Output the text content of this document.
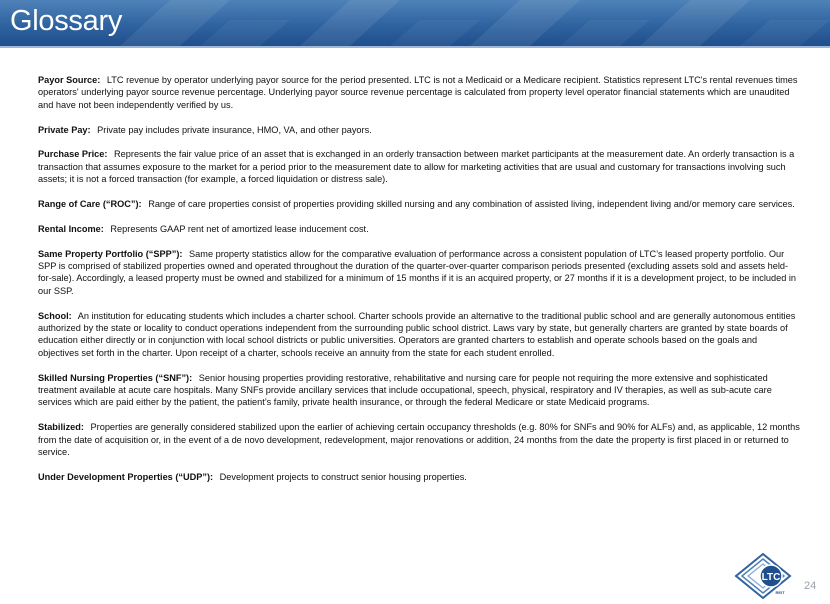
Glossary

Payor Source: LTC revenue by operator underlying payor source for the period presented. LTC is not a Medicaid or a Medicare recipient. Statistics represent LTC's rental revenues times operators' underlying payor source revenue percentage. Underlying payor source revenue percentage is calculated from property level operator financial statements which are unaudited and have not been independently verified by us.

Private Pay: Private pay includes private insurance, HMO, VA, and other payors.

Purchase Price: Represents the fair value price of an asset that is exchanged in an orderly transaction between market participants at the measurement date. An orderly transaction is a transaction that assumes exposure to the market for a period prior to the measurement date to allow for marketing activities that are usual and customary for transactions involving such assets; it is not a forced transaction (for example, a forced liquidation or distress sale).

Range of Care (“ROC”): Range of care properties consist of properties providing skilled nursing and any combination of assisted living, independent living and/or memory care services.

Rental Income: Represents GAAP rent net of amortized lease inducement cost.

Same Property Portfolio (“SPP”): Same property statistics allow for the comparative evaluation of performance across a consistent population of LTC’s leased property portfolio. Our SPP is comprised of stabilized properties owned and operated throughout the duration of the quarter-over-quarter comparison periods presented (excluding assets sold and assets held-for-sale). Accordingly, a leased property must be owned and stabilized for a minimum of 15 months if it is an acquired property, or 27 months if it is a development project, to be included in our SSP.

School: An institution for educating students which includes a charter school. Charter schools provide an alternative to the traditional public school and are generally autonomous entities authorized by the state or locality to conduct operations independent from the surrounding public school district. Laws vary by state, but generally charters are granted by state boards of education either directly or in conjunction with local school districts or public universities. Operators are granted charters to establish and operate schools based on the goals and objectives set forth in the charter. Upon receipt of a charter, schools receive an annuity from the state for each student enrolled.

Skilled Nursing Properties (“SNF”): Senior housing properties providing restorative, rehabilitative and nursing care for people not requiring the more extensive and sophisticated treatment available at acute care hospitals. Many SNFs provide ancillary services that include occupational, speech, physical, respiratory and IV therapies, as well as sub-acute care services which are paid either by the patient, the patient’s family, private health insurance, or through the federal Medicare or state Medicaid programs.

Stabilized: Properties are generally considered stabilized upon the earlier of achieving certain occupancy thresholds (e.g. 80% for SNFs and 90% for ALFs) and, as applicable, 12 months from the date of acquisition or, in the event of a de novo development, redevelopment, major renovations or addition, 24 months from the date the property is first placed in or returned to service.

Under Development Properties (“UDP”): Development projects to construct senior housing properties.

LTC
REIT
24
